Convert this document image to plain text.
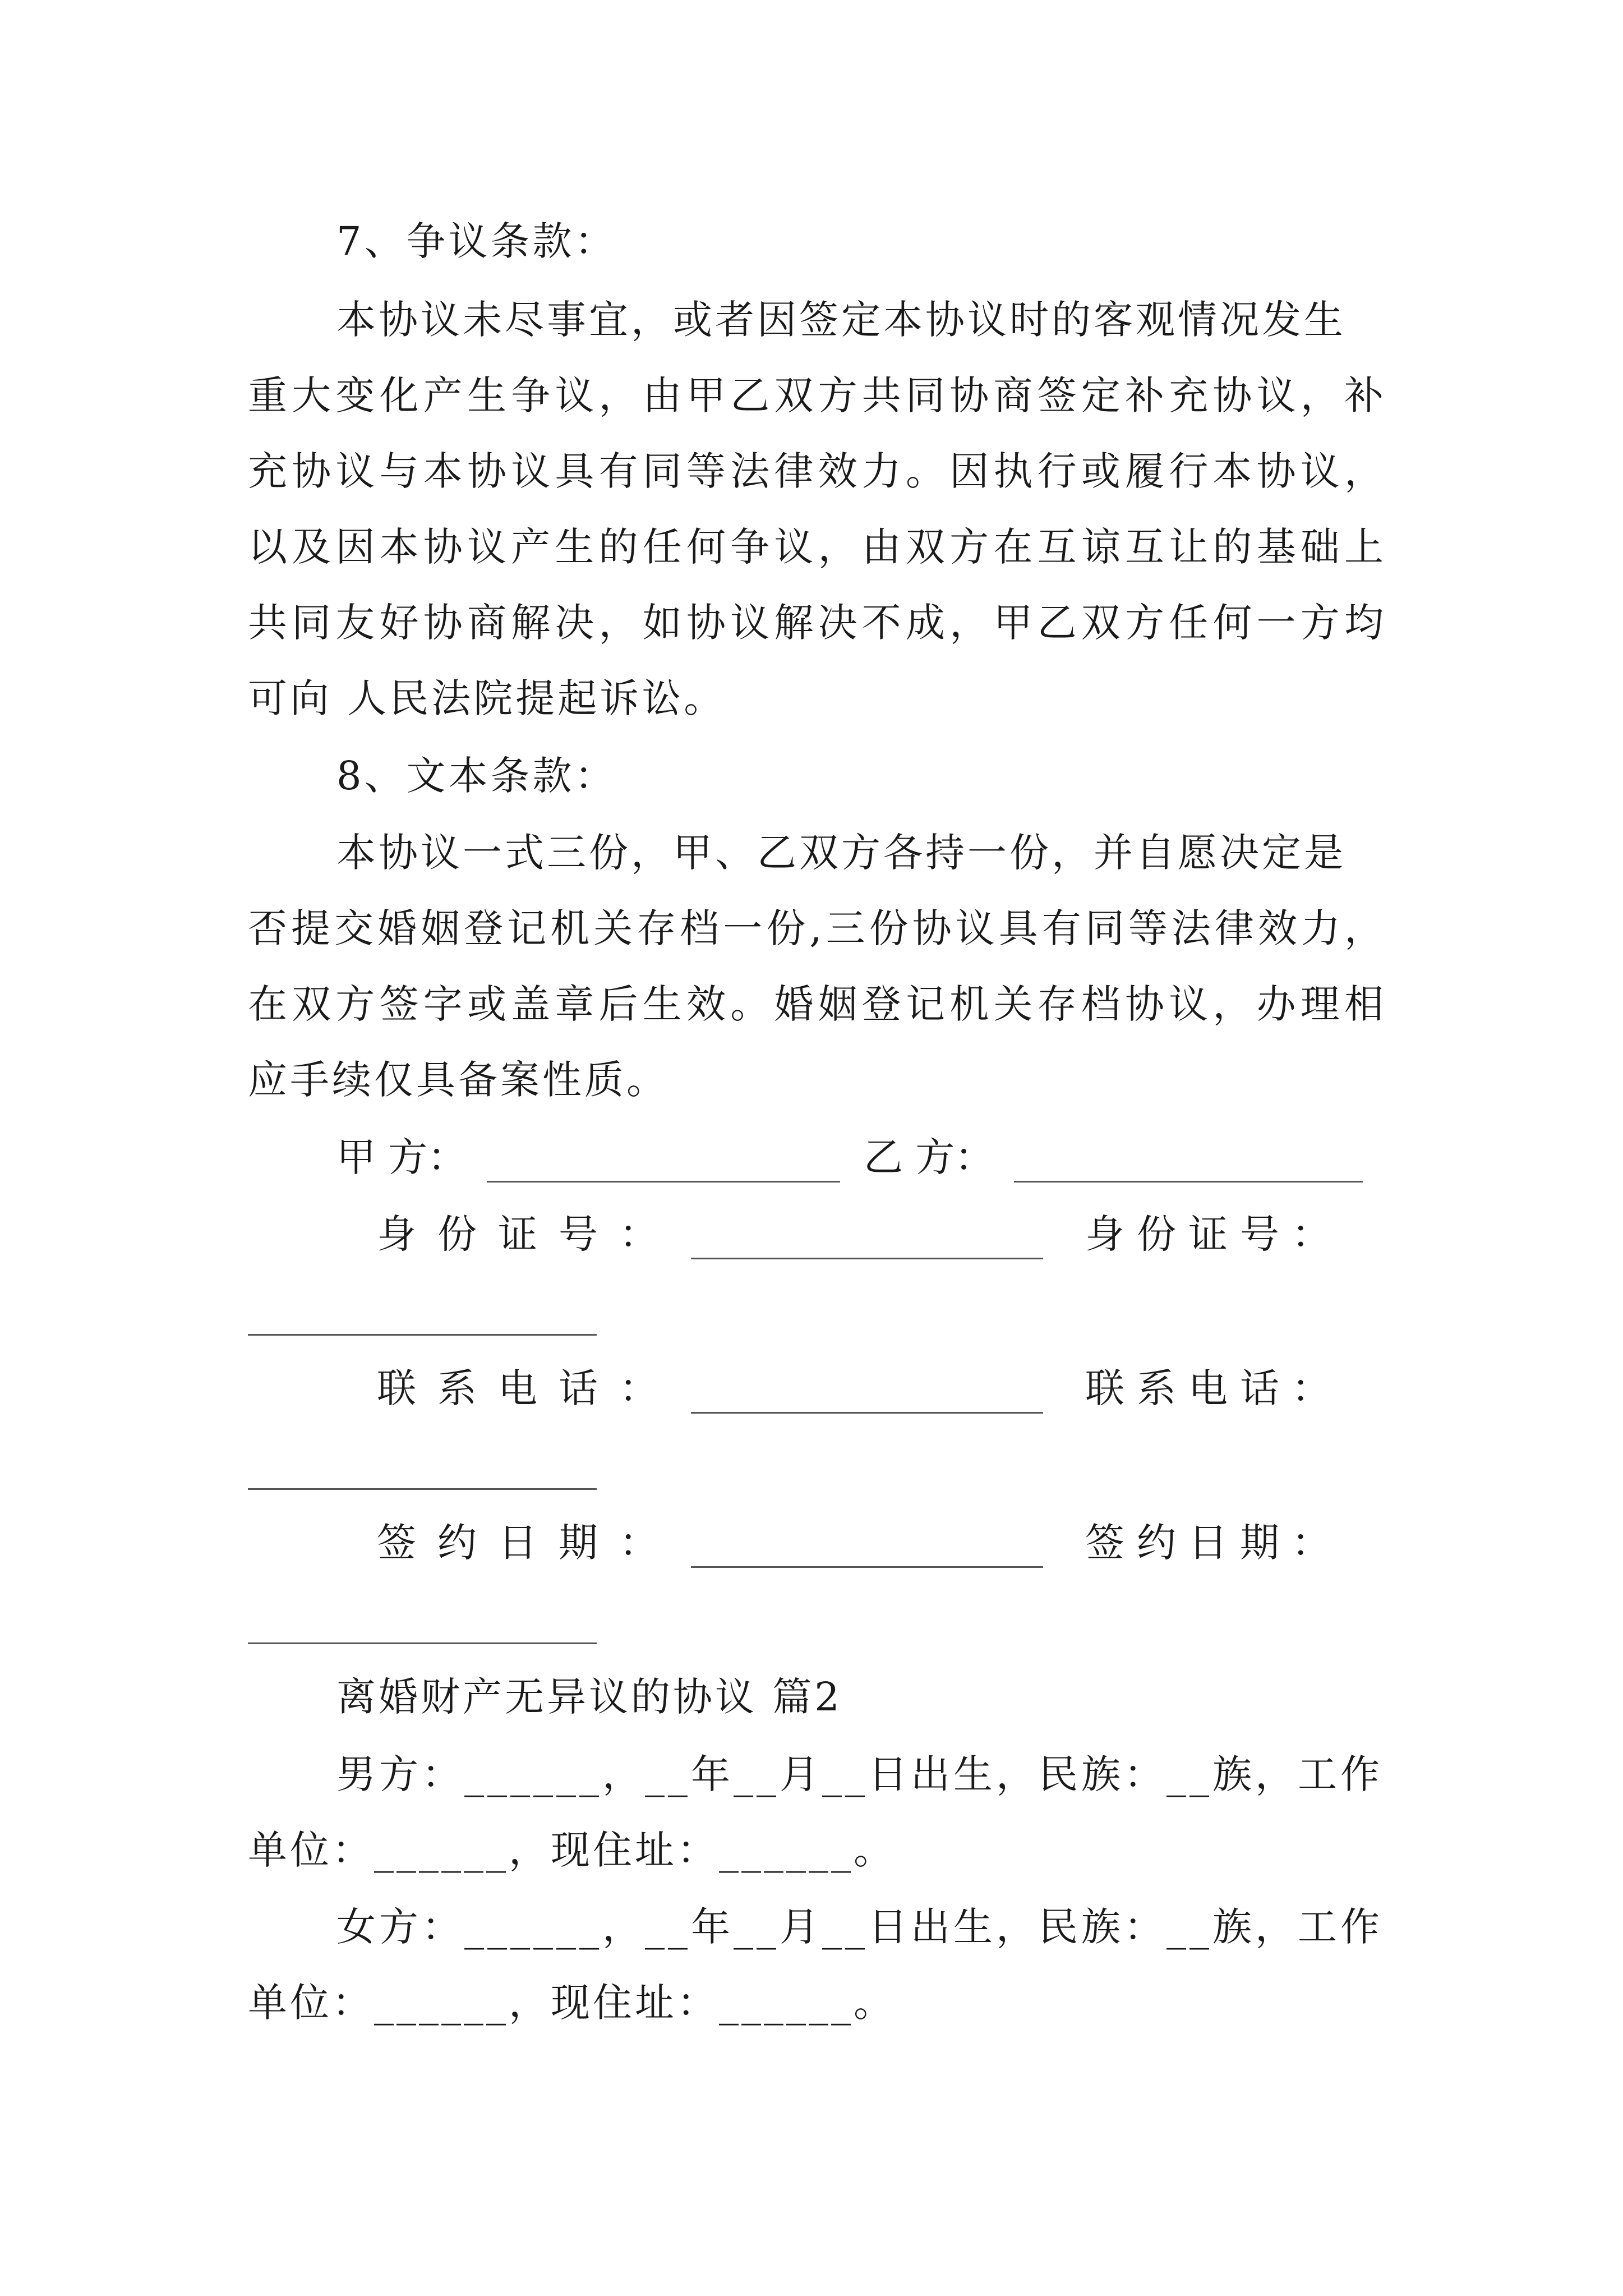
7、争议条款：
本协议未尽事宜，或者因签定本协议时的客观情况发生
重大变化产生争议，由甲乙双方共同协商签定补充协议，补
充协议与本协议具有同等法律效力。因执行或履行本协议，
以及因本协议产生的任何争议，由双方在互谅互让的基础上
共同友好协商解决，如协议解决不成，甲乙双方任何一方均
可向 人民法院提起诉讼。
8、文本条款：
本协议一式三份，甲、乙双方各持一份，并自愿决定是
否提交婚姻登记机关存档一份,三份协议具有同等法律效力，
在双方签字或盖章后生效。婚姻登记机关存档协议，办理相
应手续仅具备案性质。
甲 方：	乙 方：
身份证号：	身份证号：
联系电话：	联系电话：
签约日期：	签约日期：
离婚财产无异议的协议 篇2
男方：______，__年__月__日出生，民族：__族，工作
单位：______，现住址：______。
女方：______，__年__月__日出生，民族：__族，工作
单位：______，现住址：______。
